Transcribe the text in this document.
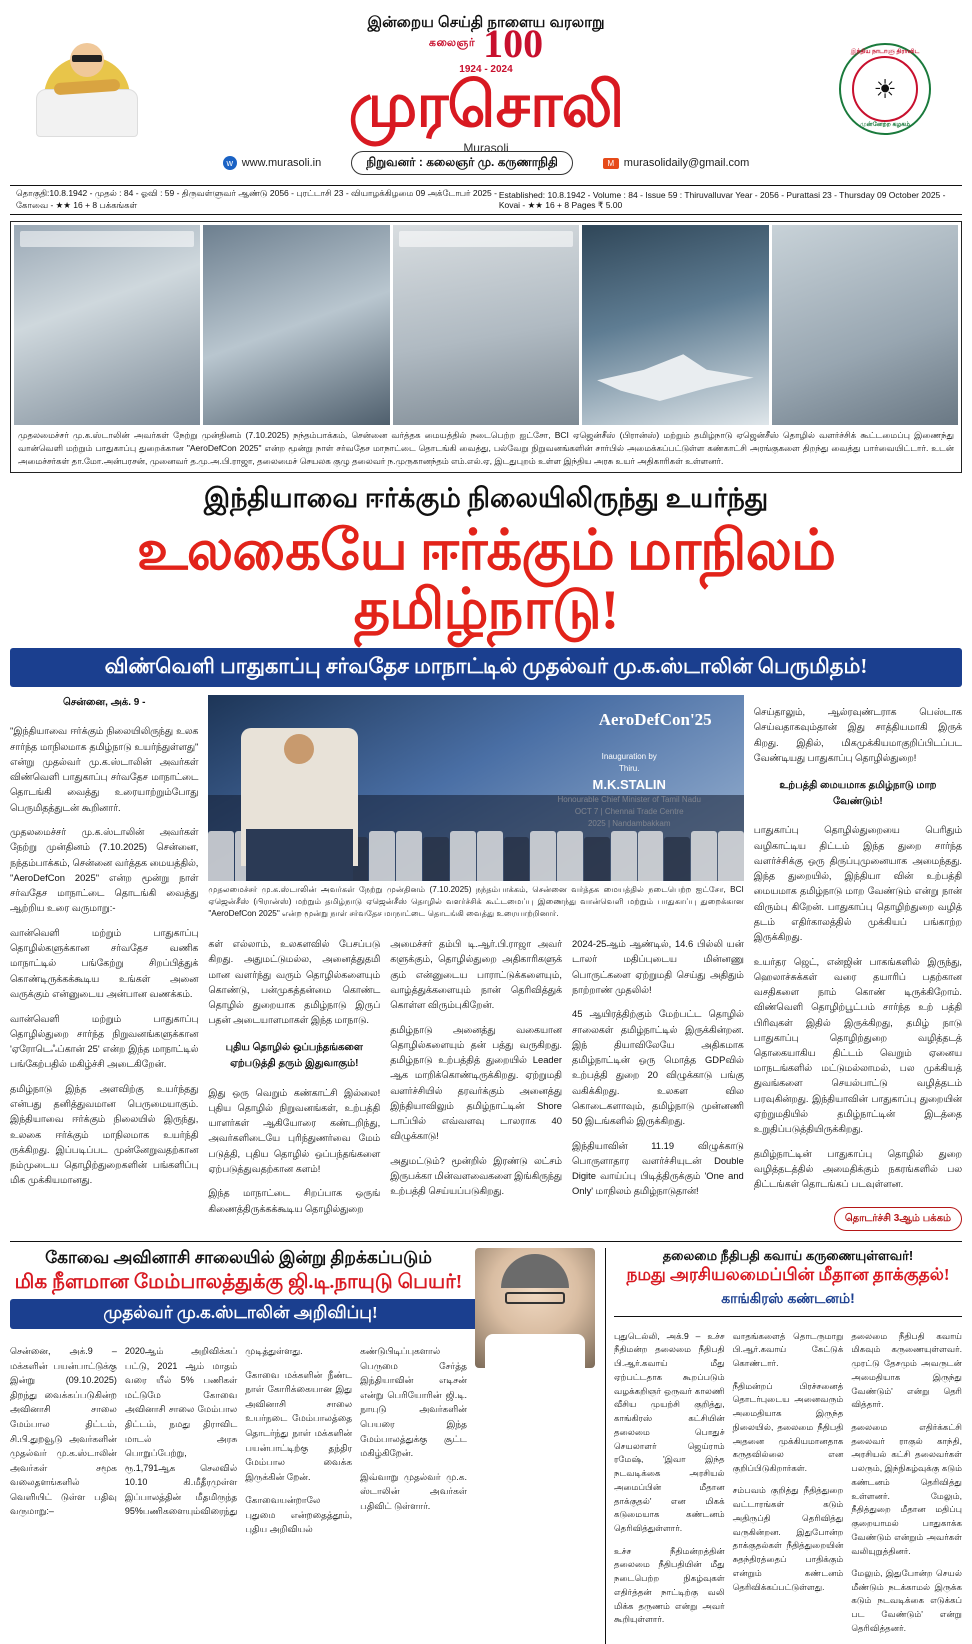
இன்றைய செய்தி நாளைய வரலாறு
கலைஞர் 100
1924 - 2024
முரசொலி
Murasoli
இந்திய நாடாளு திராவிட
☀
முன்னேற்ற கழகம்
w www.murasoli.in	நிறுவனர் : கலைஞர் மு. கருணாநிதி	M murasolidaily@gmail.com
தொகுதி:10.8.1942 - முதல் : 84 - ஓவி : 59 - திருவள்ளுவர் ஆண்டு 2056 - புரட்டாசி 23 - வியாழக்கிழமை 09 அக்டோபர் 2025 - கோவை - ★★ 16 + 8 பக்கங்கள்
Established: 10.8.1942 - Volume : 84 - Issue 59 : Thiruvalluvar Year - 2056 - Purattasi 23 - Thursday 09 October 2025 - Kovai - ★★ 16 + 8 Pages ₹ 5.00
முதலமைச்சர் மு.க.ஸ்டாலின் அவர்கள் நேற்று முன்தினம் (7.10.2025) நந்தம்பாக்கம், சென்னை வர்த்தக மையத்தில் நடைபெற்ற ஐட்சோ, BCI ஏஜென்சீஸ் (பிரான்ஸ்) மற்றும் தமிழ்நாடு ஏஜென்சீஸ் தொழில் வளர்ச்சிக் கூட்டமைப்பு இணைந்து வான்வெளி மற்றும் பாதுகாப்பு துறைக்கான "AeroDefCon 2025" என்ற மூன்று நாள் சர்வதேச மாநாட்டை தொடங்கி வைத்து, பல்வேறு நிறுவனங்களின் சார்பில் அமைக்கப்பட்டுள்ள கண்காட்சி அரங்குகளை திறந்து வைத்து பார்வையிட்டார். உடன் அமைச்சர்கள் தா.மோ.அன்பரசன், முனைவர் த.மு.அ.பி.ராஜா, தலைமைச் செயலக குழு தலைவர் ந.முருகானந்தம் எம்.எல்.ஏ, இடதுபுறம் உள்ள இந்திய அரசு உயர் அதிகாரிகள் உள்ளனர்.
இந்தியாவை ஈர்க்கும் நிலையிலிருந்து உயர்ந்து
உலகையே ஈர்க்கும் மாநிலம் தமிழ்நாடு!
விண்வெளி பாதுகாப்பு சர்வதேச மாநாட்டில் முதல்வர் மு.க.ஸ்டாலின் பெருமிதம்!
சென்னை, அக். 9 -

"இந்தியாவை ஈர்க்கும் நிலையிலிருந்து உலக சார்ந்த மாநிலமாக தமிழ்நாடு உயர்ந்துள்ளது" என்று முதல்வர் மு.க.ஸ்டாலின் அவர்கள் விண்வெளி பாதுகாப்பு சர்வதேச மாநாட்டை தொடங்கி வைத்து உரையாற்றும்போது பெருமிதத்துடன் கூறினார்.

முதலமைச்சர் மு.க.ஸ்டாலின் அவர்கள் நேற்று முன்தினம் (7.10.2025) சென்னை, நந்தம்பாக்கம், சென்னை வர்த்தக மையத்தில், "AeroDefCon 2025" என்ற மூன்று நாள் சர்வதேச மாநாட்டை தொடங்கி வைத்து ஆற்றிய உரை வருமாறு:-

வான்வெளி மற்றும் பாதுகாப்பு தொழில்களுக்கான சர்வதேச வணிக மாநாட்டில் பங்கேற்று சிறப்பித்துக் கொண்டிருக்கக்கூடிய உங்கள் அனை வருக்கும் என்னுடைய அன்பான வணக்கம்.

வான்வெளி மற்றும் பாதுகாப்பு தொழில்துறை சார்ந்த நிறுவனங்களுக்கான 'ஏரோடெஃப்கான் 25' என்ற இந்த மாநாட்டில் பங்கேற்பதில் மகிழ்ச்சி அடைகிறேன்.

தமிழ்நாடு இந்த அளவிற்கு உயர்ந்தது என்பது தனித்துவமான பெருமையாகும். இந்தியாவை ஈர்க்கும் நிலையில் இருந்து, உலகை ஈர்க்கும் மாநிலமாக உயர்ந்தி ருக்கிறது. இப்படிப்பட முன்னேறுவதற்கான நம்முடைய தொழிற்துறைகளின் பங்களிப்பு மிக முக்கியமானது.

AeroDefCon'25
Inauguration by
Thiru.
M.K.STALIN
முதலமைச்சர் மு.க.ஸ்டாலின் அவர்கள் நேற்று முன்தினம் (7.10.2025) நந்தம்பாக்கம், சென்னை வர்த்தக மையத்தில் நடைபெற்ற ஐட்சோ, BCI ஏஜென்சீஸ் (பிரான்ஸ்) மற்றும் தமிழ்நாடு ஏஜென்சீஸ் தொழில் வளர்ச்சிக் கூட்டமைப்பு இணைந்து வான்வெளி மற்றும் பாதுகாப்பு துறைக்கான "AeroDefCon 2025" என்ற மூன்று நாள் சர்வதேச மாநாட்டை தொடங்கி வைத்து உரையாற்றினார்.

கள் எல்லாம், உலகளவில் பேசப்படு கிறது. அதுமட்டுமல்ல, அனைத்துதமி மான வளர்ந்து வரும் தொழில்களையும் கொண்டு, பன்முகத்தன்மை கொண்ட தொழில் துறையாக தமிழ்நாடு இருப் பதன் அடையாளமாகள் இந்த மாநாடு.

புதிய தொழில் ஒப்பந்தங்களை ஏற்படுத்தி தரும் இதுவாகும்!

இது ஒரு வெறும் கண்காட்சி இல்லை! புதிய தொழில் நிறுவனங்கள், உற்பத்தி யாளர்கள் ஆகியோரை கண்டறிந்து, அவர்களிடையே புரிந்துணர்வை மேம் படுத்தி, புதிய தொழில் ஒப்பந்தங்களை ஏற்படுத்துவதற்கான களம்!

இந்த மாநாட்டை சிறப்பாக ஒருங் கிணைத்திருக்கக்கூடிய தொழில்துறை

அமைச்சர் தம்பி டி.ஆர்.பி.ராஜா அவர் களுக்கும், தொழில்துறை அதிகாரிகளுக் கும் என்னுடைய பாராட்டுக்களையும், வாழ்த்துக்களையும் நான் தெரிவித்துக் கொள்ள விரும்புகிறேன்.

தமிழ்நாடு அனைத்து வகையான தொழில்களையும் தன் பத்து வருகிறது. தமிழ்நாடு உற்பத்தித் துறையில் Leader ஆக மாறிக்கொண்டிருக்கிறது. ஏற்றுமதி வளர்ச்சியில் தரவர்க்கும் அனைத்து இந்தியாவிலும் தமிழ்நாட்டின் Shore டாப்பில் எவ்வளவு டாலராக 40 விழுக்காடு!

அதுமட்டும்? மூன்றில் இரண்டு லட்சம் இருபக்கா மின்வளவைகளை இங்கிருந்து உற்பத்தி செய்யப்படுகிறது.

2024-25ஆம் ஆண்டில், 14.6 பில்லி யன் டாலர் மதிப்புடைய மின்னணு பொருட்களை ஏற்றுமதி செய்து அதிதும் நாற்றாண் முதலில்!

45 ஆயிரத்திற்கும் மேற்பட்ட தொழில் சாலைகள் தமிழ்நாட்டில் இருக்கின்றன. இந் தியாவிலேயே அதிகமாக தமிழ்நாட்டின் ஒரு மொத்த GDPவில் உற்பத்தி துறை 20 விழுக்காடு பங்கு வகிக்கிறது. உலகள வில கொடைகளாவும், தமிழ்நாடு முன்னணி 50 இடங்களில் இருக்கிறது.

இந்தியாவின் 11.19 விழுக்காடு பொருளாதார வளர்ச்சியுடன் Double Digite வாய்ப்பு பிடித்திருக்கும் 'One and Only' மாநிலம் தமிழ்நாடுதான்!

செய்தாலும், ஆல்ரவுண்டராக பெஸ்டாக செய்வதாகவும்தான் இது சாத்தியமாகி இருக் கிறது. இதில், மிகமுக்கியமாகுறிப்பிடப்பட வேண்டியது பாதுகாப்பு தொழில்துறை!

உற்பத்தி மையமாக தமிழ்நாடு மாற வேண்டும்!

பாதுகாப்பு தொழில்துறையை பெரிதும் வழிகாட்டிய திட்டம் இந்த துறை சார்ந்த வளர்ச்சிக்கு ஒரு திருப்புமுனையாக அமைந்தது. இந்த துறையில், இந்தியா வின் உற்பத்தி மையமாக தமிழ்நாடு மாற வேண்டும் என்று நான் விரும்பு கிறேன். பாதுகாப்பு தொழிற்துறை வழித் தடம் எதிர்காலத்தில் முக்கியப் பங்காற்ற இருக்கிறது.

உயர்தர ஜெட், என்ஜின் பாகங்களில் இருந்து, ஹெலாச்சுக்கள் வரை தயாரிப் பதற்கான வசதிகளை நாம் கொண் டிருக்கிறோம். விண்வெளி தொழிற்பூட்பம் சார்ந்த உற் பத்தி பிரிவுகள் இதில் இருக்கிறது, தமிழ் நாடு பாதுகாப்பு தொழிற்துறை வழித்தடத் தொகையாகிய திட்டம் வெறும் ஏனைய மாநடங்களில் மட்டுமல்லாமல், பல முக்கியத் துவங்களை செயல்பாட்டு வழித்தடம் பரவுகின்றது. இந்தியாவின் பாதுகாப்பு துறையின் ஏற்றுமதியில் தமிழ்நாட்டின் இடத்தை உறுதிப்படுத்தியிருக்கிறது.

தமிழ்நாட்டின் பாதுகாப்பு தொழில் துறை வழித்தடத்தில் அமைதிக்கும் நகரங்களில் பல திட்டங்கள் தொடங்கப் படவுள்ளன.

தொடர்ச்சி 3ஆம் பக்கம்
கோவை அவினாசி சாலையில் இன்று திறக்கப்படும்
மிக நீளமான மேம்பாலத்துக்கு ஜி.டி.நாயுடு பெயர்!
முதல்வர் மு.க.ஸ்டாலின் அறிவிப்பு!

சென்னை, அக்.9 – மக்களின் பயன்பாட்டுக்கு இன்று (09.10.2025) திறந்து வைக்கப்படுகின்ற அவினாசி சாலை மேம்பால திட்டம், சி.பி.துறவூடு அவர்களின் முதல்வர் மு.க.ஸ்டாலின் அவர்கள் சமூக வலைதளங்களில் வெளியிட் டுள்ள பதிவு வருமாறு:–

2020ஆம் அறிவிக்கப் பட்டு, 2021 ஆம் மாதம் வரை யீல் 5% பணிகள் மட்டுமே கோவை அவினாசி சாலை மேம்பால திட்டம், நமது திராவிட மாடல் அரசு பொறுப்பேற்று, ரூ.1,791ஆக செலவில் 10.10 கி.மீதீரமுள்ள இப்பாலத்தின் மீதமிருந்த 95%பணிகளையும்விரைந்து

முடித்துள்ளது.

கோவை மக்களின் நீண்ட நாள் கோரிக்கையான இது அவினாசி சாலை உயர்நடை மேம்பாலத்தை தொடர்ந்து நாள் மக்களின் பயன்பாட்டிற்கு தந்திர மேம்பால வைக்க இருக்கின் றேன்.

கோவையன்றாலே புதுமை என்றதைத்தூம், புதிய அறிவியல்

கண்டுபிடிப்புகளால் பெருமை சேர்த்த இந்தியாவின் எடிசன் என்று பெரியோரின் ஜி.டி. நாயுடு அவர்களின் பெயரை இந்த மேம்பாலத்துக்கு சூட்ட மகிழ்கிறேன்.

இவ்வாறு முதல்வர் மு.க. ஸ்டாலின் அவர்கள் பதிவிட் டுள்ளார்.

தலைமை நீதிபதி கவாய் கருணையுள்ளவர்!
நமது அரசியலமைப்பின் மீதான தாக்குதல்!
காங்கிரஸ் கண்டனம்!

புதுடெல்லி, அக்.9 – உச்ச நீதிமன்ற தலைமை நீதிபதி பி.ஆர்.கவாய் மீது ஏற்பட்டதாக கூறப்படும் வழக்கறிஞர் ஒருவர் காலணி வீசிய முயற்சி குறித்து, காங்கிரஸ் கட்சியின் தலைமை பொதுச் செயலாளர் ஜெய்ராம் ரமேஷ், 'இவா இந்த நடவடிக்கை அரசியல் அமைப்பின் மீதான தாக்குதல்' என மிகக் கடுமையாக கண்டனம் தெரிவித்துள்ளார்.

உச்ச நீதிமன்றத்தின் தலைமை நீதிபதியின் மீது நடைபெற்ற நிகழ்வுகள் எதிர்த்தன் நாட்டிற்கு வலி மிக்க தருணம் என்று அவர் கூறியுள்ளார்.

வாதங்களைத் தொடருமாறு பி.ஆர்.கவாய் கேட்டுக் கொண்டார்.

நீதிமன்றப் பிரச்சனைத் தொடர்புடைய அனைவரும் அமைதியாக இருந்த நிலையில், தலைமை நீதிபதி அதனை முக்கியமானதாக கருதவில்லை என குறிப்பிடுகிறார்கள்.

சம்பவம் குறித்து நீதித்துறை வட்டாரங்கள் கடும் அதிருப்தி தெரிவித்து வருகின்றன. இதுபோன்ற தாக்குதல்கள் நீதித்துறையின் சுதந்திரத்தைப் பாதிக்கும் என்றும் கண்டனம் தெரிவிக்கப்பட்டுள்ளது.

தலைமை நீதிபதி கவாய் மிகவும் கருணையுள்ளவர். முரட்டு தேசமும் அவருடன் அமைதியாக இருந்து வேண்டும்' என்று தெரி வித்தார்.

தலைமை எதிர்க்கட்சி தலைவர் ராகுல் காந்தி, அரசியல் கட்சி தலைவர்கள் பலரும், இந்நிகழ்வுக்கு கடும் கண்டனம் தெரிவித்து உள்ளனர். மேலும், நீதித்துறை மீதான மதிப்பு குறையாமல் பாதுகாக்க வேண்டும் என்றும் அவர்கள் வலியுறுத்தினர்.

மேலும், இதுபோன்ற செயல் மீண்டும் நடக்காமல் இருக்க கடும் நடவடிக்கை எடுக்கப் பட வேண்டும்' என்று தெரிவித்தனர்.
